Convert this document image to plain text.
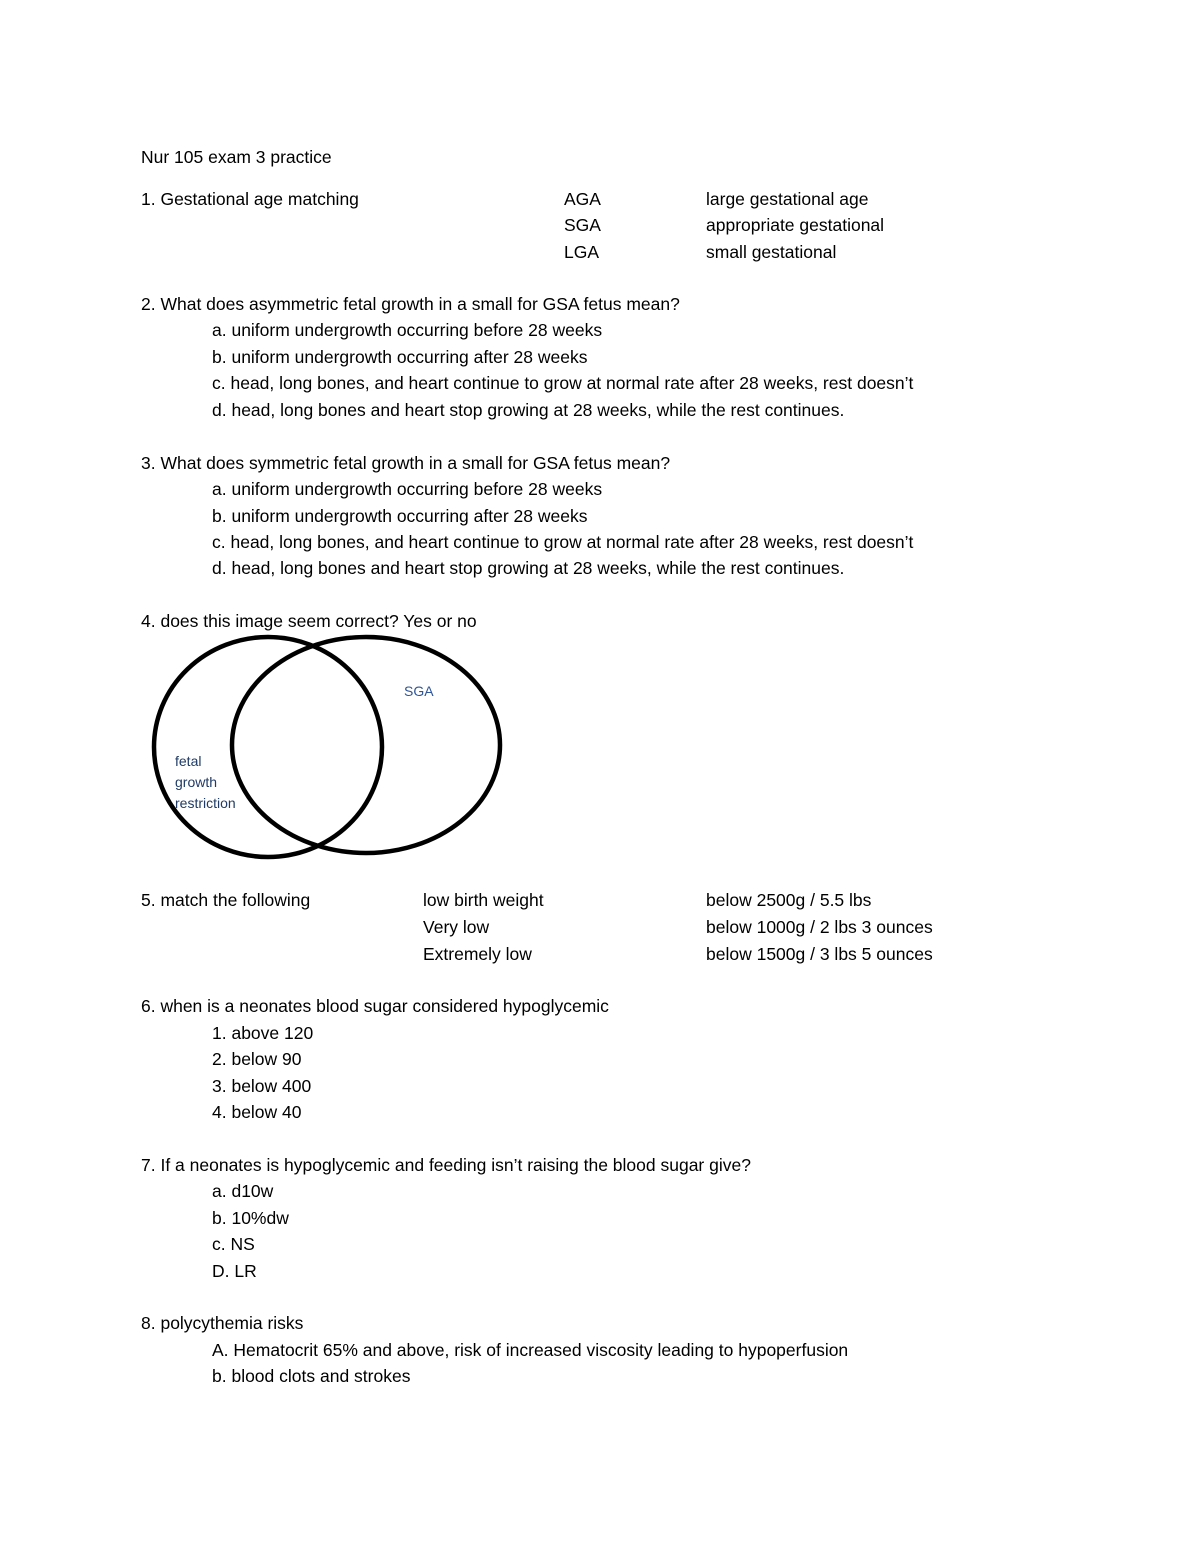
Nur 105 exam 3 practice
1. Gestational age matching	AGA
SGA
LGA
large gestational age
appropriate gestational
small gestational
2. What does asymmetric fetal growth in a small for GSA fetus mean?
a. uniform undergrowth occurring before 28 weeks
b. uniform undergrowth occurring after 28 weeks
c. head, long bones, and heart continue to grow at normal rate after 28 weeks, rest doesn’t
d. head, long bones and heart stop growing at 28 weeks, while the rest continues.
3. What does symmetric fetal growth in a small for GSA fetus mean?
a. uniform undergrowth occurring before 28 weeks
b. uniform undergrowth occurring after 28 weeks
c. head, long bones, and heart continue to grow at normal rate after 28 weeks, rest doesn’t
d. head, long bones and heart stop growing at 28 weeks, while the rest continues.
4. does this image seem correct? Yes or no
SGA
fetal
growth
restriction
5. match the following	low birth weight
Very low
Extremely low
below 2500g / 5.5 lbs
below 1000g / 2 lbs 3 ounces
below 1500g / 3 lbs 5 ounces
6. when is a neonates blood sugar considered hypoglycemic
1. above 120
2. below 90
3. below 400
4. below 40
7. If a neonates is hypoglycemic and feeding isn’t raising the blood sugar give?
a. d10w
b. 10%dw
c. NS
D. LR
8. polycythemia risks
A. Hematocrit 65% and above, risk of increased viscosity leading to hypoperfusion
b. blood clots and strokes
